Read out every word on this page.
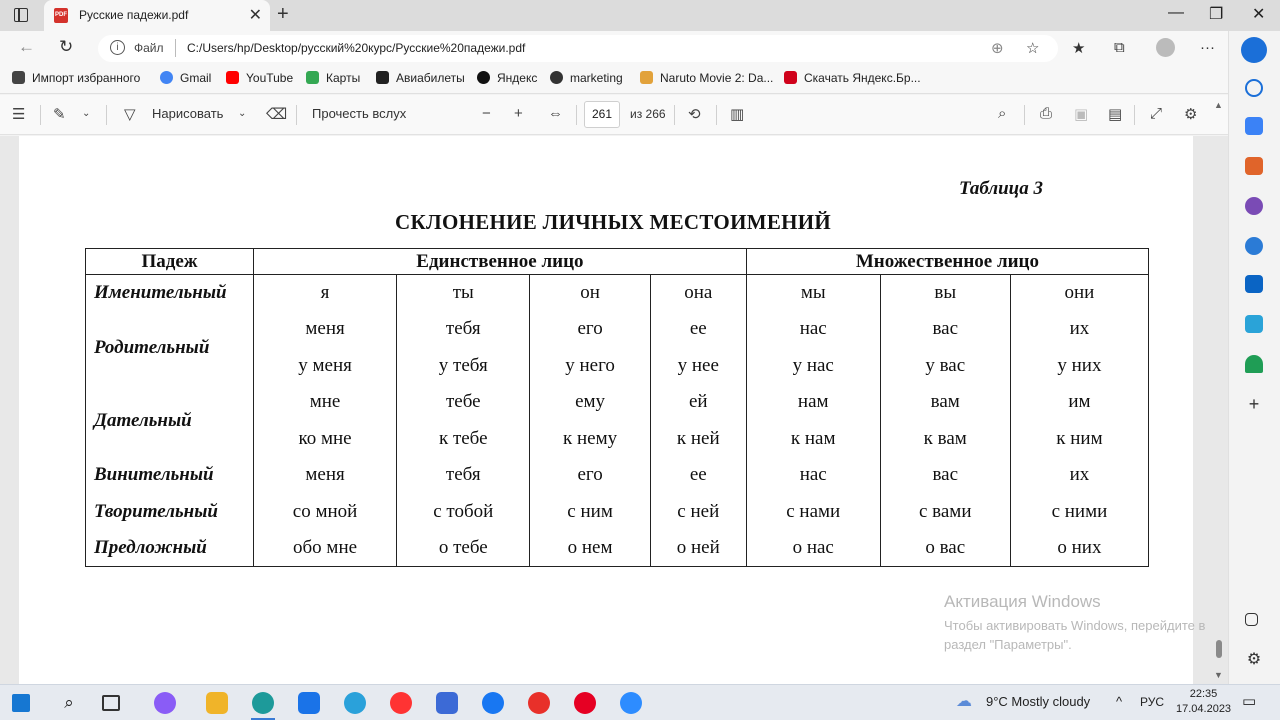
PDF Русские падежи.pdf	✕ +	— ❐ ✕
← ↻	i	Файл C:/Users/hp/Desktop/русский%20курс/Русские%20падежи.pdf	⊕ ☆ ★ ⧉	···
Импорт избранного	Gmail	YouTube	Карты	Авиабилеты	Яндекс	marketing	Naruto Movie 2: Da...	Скачать Яндекс.Бр...
☰ ✎ ⌄ ▽ Нарисовать ⌄ ⌫ Прочесть вслух	− + ⇔	261	из 266 ⟲ ▥	⌕ ⎙ ▣ ▤ ⤢ ⚙
Таблица 3
СКЛОНЕНИЕ ЛИЧНЫХ МЕСТОИМЕНИЙ
Падеж	Единственное лицо				Множественное лицо		
Именительный	я	ты	он	она	мы	вы	они
Родительный	меня	тебя	его	ее	нас	вас	их
	у меня	у тебя	у него	у нее	у нас	у вас	у них
Дательный	мне	тебе	ему	ей	нам	вам	им
	ко мне	к тебе	к нему	к ней	к нам	к вам	к ним
Винительный	меня	тебя	его	ее	нас	вас	их
Творительный	со мной	с тобой	с ним	с ней	с нами	с вами	с ними
Предложный	обо мне	о тебе	о нем	о ней	о нас	о вас	о них
Активация Windows
Чтобы активировать Windows, перейдите в раздел "Параметры".
▲
▼
+
⚙
⌕	☁ 9°C Mostly cloudy ^ РУС
22:35
17.04.2023 ▭
